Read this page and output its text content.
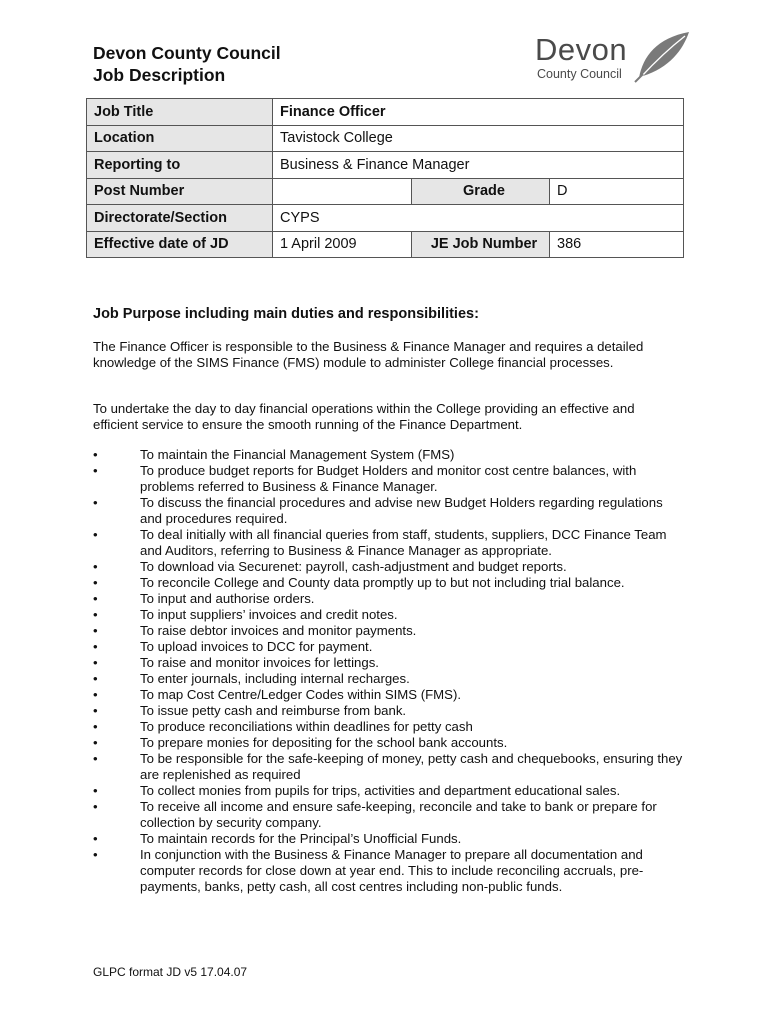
Devon County Council
Job Description
Devon
County Council
Job Title	Finance Officer		
Location	Tavistock College		
Reporting to	Business & Finance Manager		
Post Number		Grade	D
Directorate/Section	CYPS		
Effective date of JD	1 April 2009	JE Job Number	386
Job Purpose including main duties and responsibilities:

The Finance Officer is responsible to the Business & Finance Manager and requires a detailed knowledge of the SIMS Finance (FMS) module to administer College financial processes.

To undertake the day to day financial operations within the College providing an effective and efficient service to ensure the smooth running of the Finance Department.

•	To maintain the Financial Management System (FMS)
•	To produce budget reports for Budget Holders and monitor cost centre balances, with problems referred to Business & Finance Manager.
•	To discuss the financial procedures and advise new Budget Holders regarding regulations and procedures required.
•	To deal initially with all financial queries from staff, students, suppliers, DCC Finance Team and Auditors, referring to Business & Finance Manager as appropriate.
•	To download via Securenet: payroll, cash-adjustment and budget reports.
•	To reconcile College and County data promptly up to but not including trial balance.
•	To input and authorise orders.
•	To input suppliers’ invoices and credit notes.
•	To raise debtor invoices and monitor payments.
•	To upload invoices to DCC for payment.
•	To raise and monitor invoices for lettings.
•	To enter journals, including internal recharges.
•	To map Cost Centre/Ledger Codes within SIMS (FMS).
•	To issue petty cash and reimburse from bank.
•	To produce reconciliations within deadlines for petty cash
•	To prepare monies for depositing for the school bank accounts.
•	To be responsible for the safe-keeping of money, petty cash and chequebooks, ensuring they are replenished as required
•	To collect monies from pupils for trips, activities and department educational sales.
•	To receive all income and ensure safe-keeping, reconcile and take to bank or prepare for collection by security company.
•	To maintain records for the Principal’s Unofficial Funds.
•	In conjunction with the Business & Finance Manager to prepare all documentation and computer records for close down at year end. This to include reconciling accruals, pre-payments, banks, petty cash, all cost centres including non-public funds.
GLPC format JD v5 17.04.07
